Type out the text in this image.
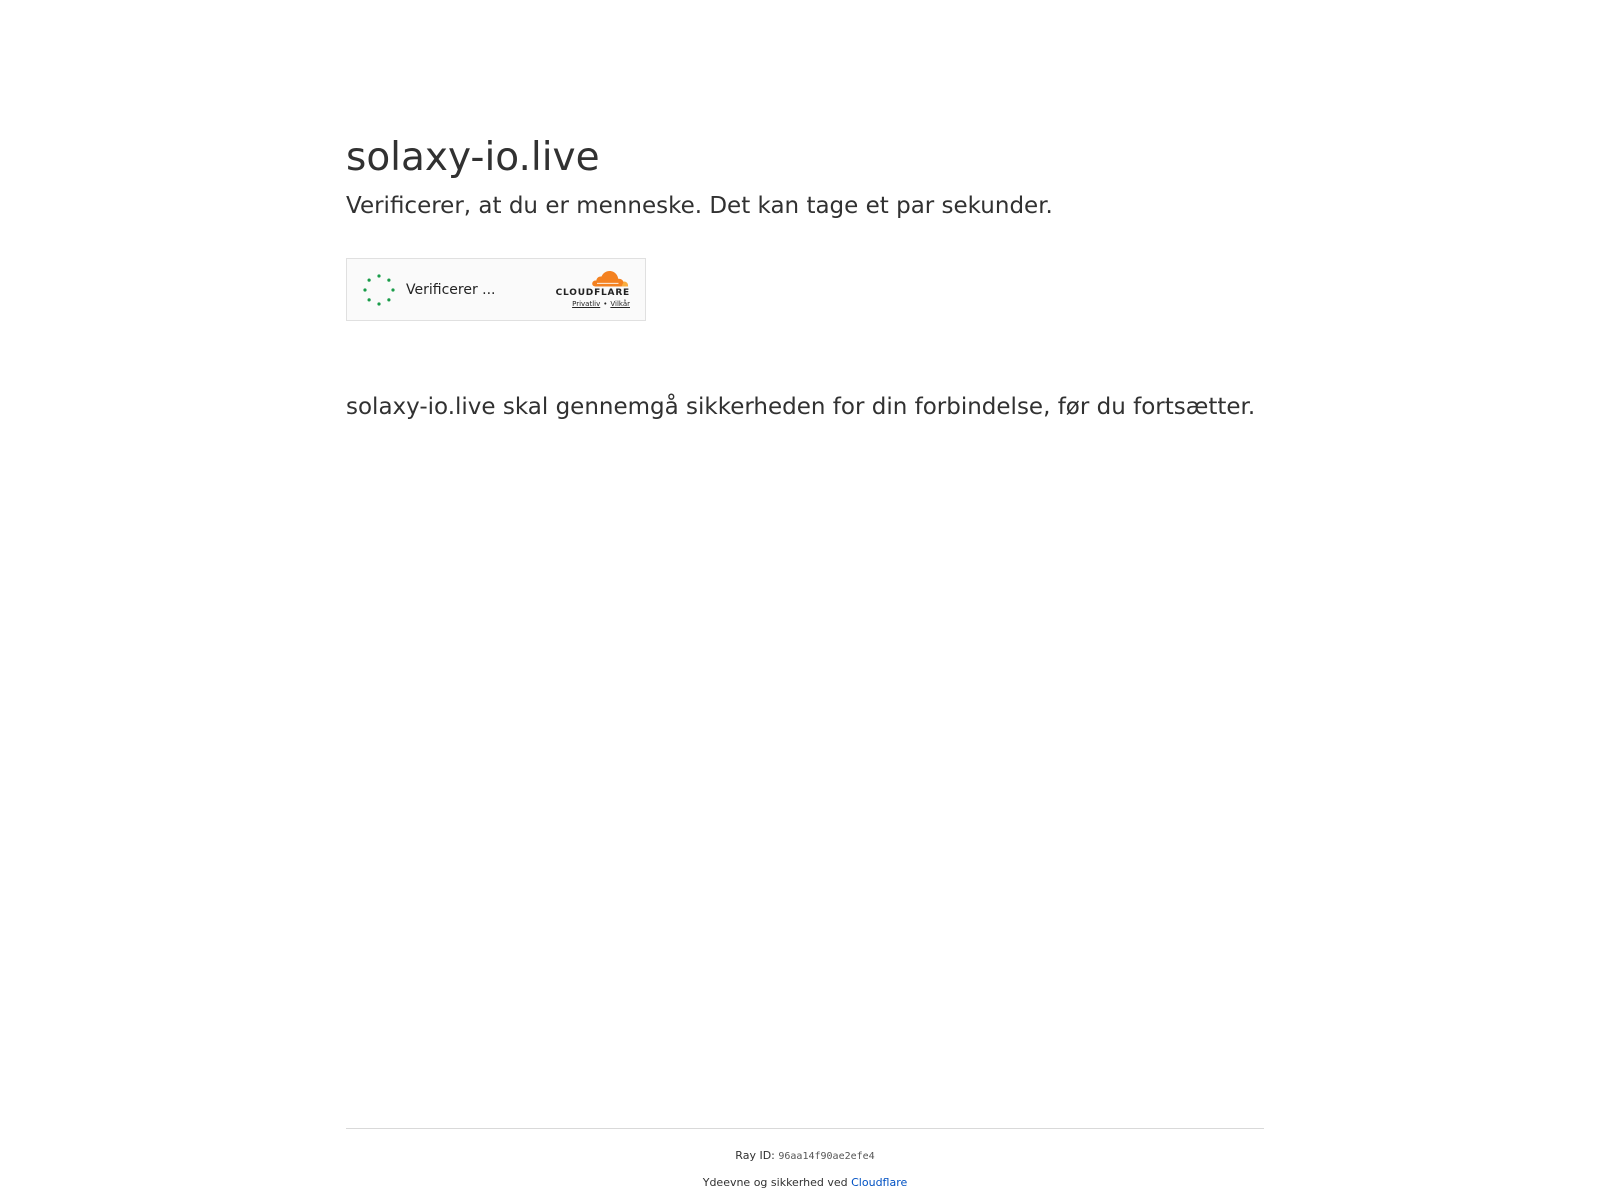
solaxy-io.live

Verificerer, at du er menneske. Det kan tage et par sekunder.

Verificerer ...	CLOUDFLARE
Privatliv • Vilkår

solaxy-io.live skal gennemgå sikkerheden for din forbindelse, før du fortsætter.

Ray ID: 96aa14f90ae2efe4
Ydeevne og sikkerhed ved Cloudflare
